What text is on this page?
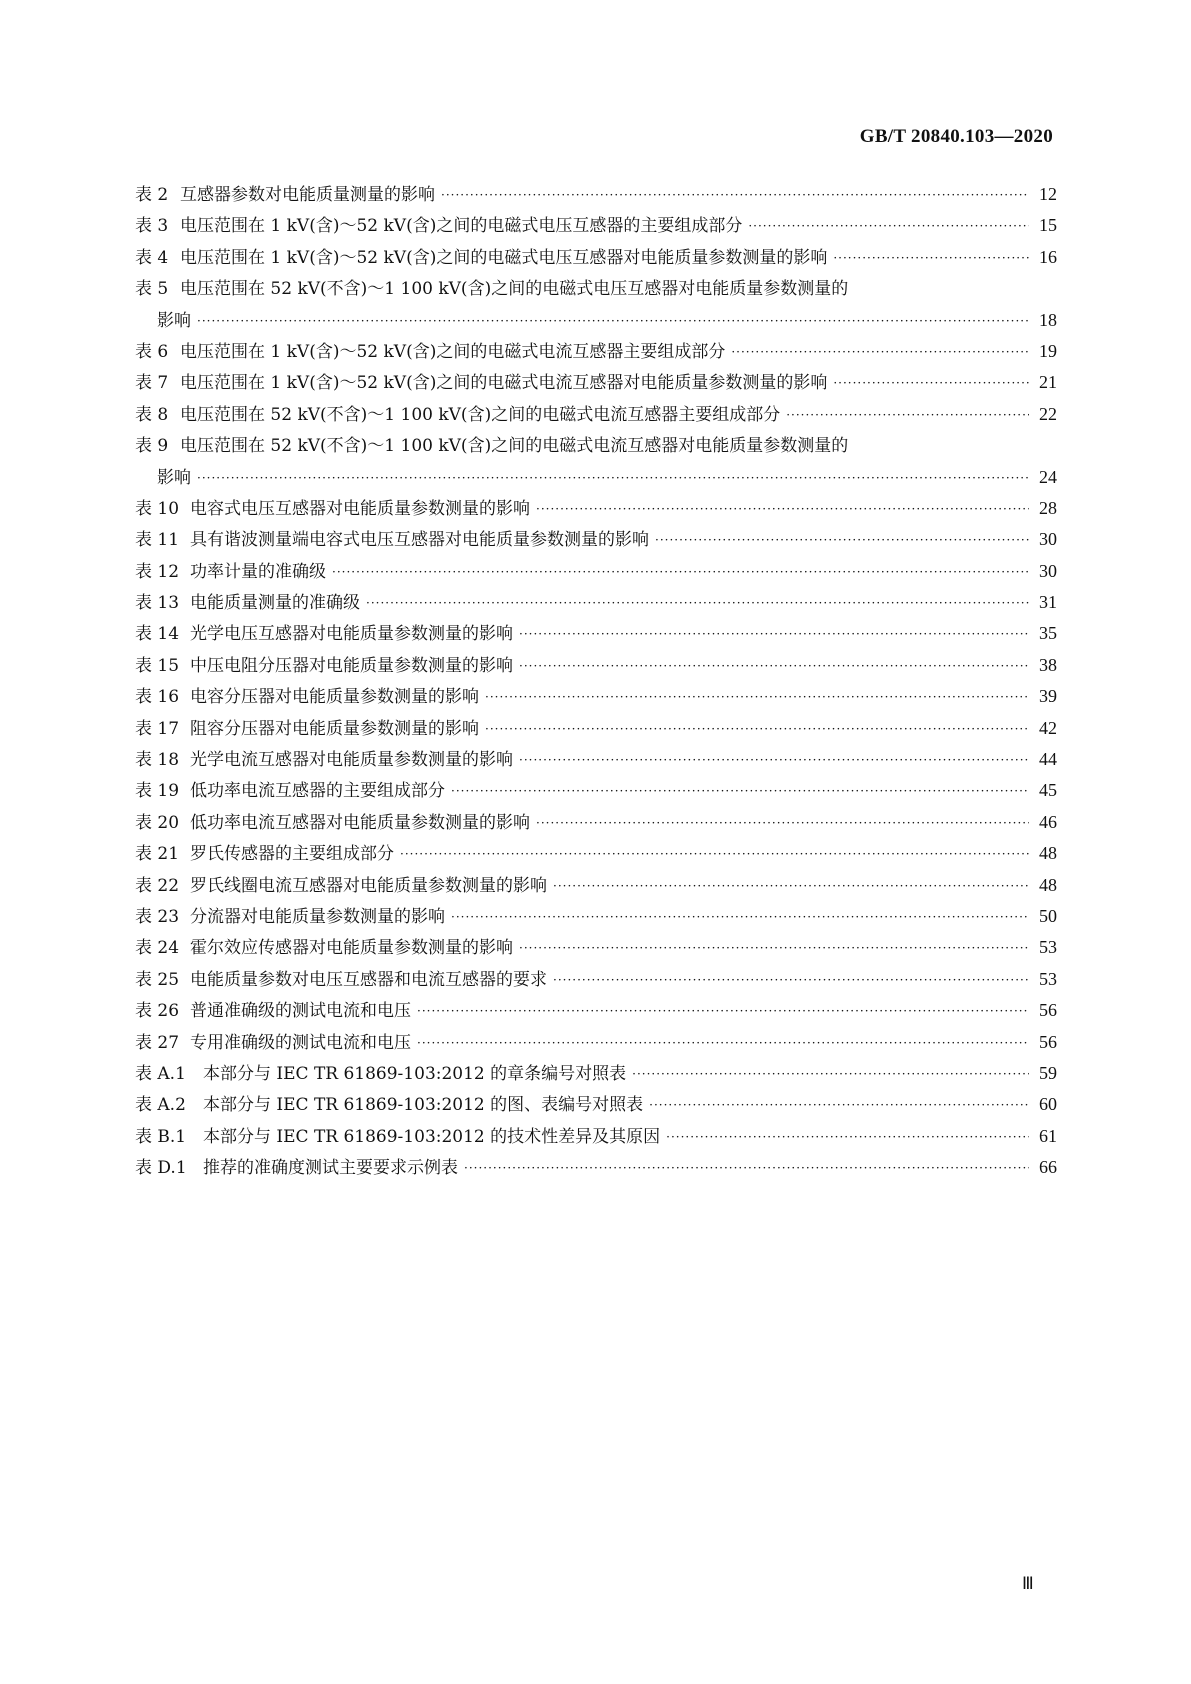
GB/T 20840.103—2020
表 2 互感器参数对电能质量测量的影响 ·····	12
表 3 电压范围在 1 kV(含)～52 kV(含)之间的电磁式电压互感器的主要组成部分 ·····	15
表 4 电压范围在 1 kV(含)～52 kV(含)之间的电磁式电压互感器对电能质量参数测量的影响 ·····	16
表 5 电压范围在 52 kV(不含)～1 100 kV(含)之间的电磁式电压互感器对电能质量参数测量的
影响 ·····	18
表 6 电压范围在 1 kV(含)～52 kV(含)之间的电磁式电流互感器主要组成部分 ·····	19
表 7 电压范围在 1 kV(含)～52 kV(含)之间的电磁式电流互感器对电能质量参数测量的影响 ·····	21
表 8 电压范围在 52 kV(不含)～1 100 kV(含)之间的电磁式电流互感器主要组成部分 ·····	22
表 9 电压范围在 52 kV(不含)～1 100 kV(含)之间的电磁式电流互感器对电能质量参数测量的
影响 ·····	24
表 10 电容式电压互感器对电能质量参数测量的影响 ·····	28
表 11 具有谐波测量端电容式电压互感器对电能质量参数测量的影响 ·····	30
表 12 功率计量的准确级 ·····	30
表 13 电能质量测量的准确级 ·····	31
表 14 光学电压互感器对电能质量参数测量的影响 ·····	35
表 15 中压电阻分压器对电能质量参数测量的影响 ·····	38
表 16 电容分压器对电能质量参数测量的影响 ·····	39
表 17 阻容分压器对电能质量参数测量的影响 ·····	42
表 18 光学电流互感器对电能质量参数测量的影响 ·····	44
表 19 低功率电流互感器的主要组成部分 ·····	45
表 20 低功率电流互感器对电能质量参数测量的影响 ·····	46
表 21 罗氏传感器的主要组成部分 ·····	48
表 22 罗氏线圈电流互感器对电能质量参数测量的影响 ·····	48
表 23 分流器对电能质量参数测量的影响 ·····	50
表 24 霍尔效应传感器对电能质量参数测量的影响 ·····	53
表 25 电能质量参数对电压互感器和电流互感器的要求 ·····	53
表 26 普通准确级的测试电流和电压 ·····	56
表 27 专用准确级的测试电流和电压 ·····	56
表 A.1	本部分与 IEC TR 61869-103:2012 的章条编号对照表 ·····	59
表 A.2	本部分与 IEC TR 61869-103:2012 的图、表编号对照表 ·····	60
表 B.1 本部分与 IEC TR 61869-103:2012 的技术性差异及其原因 ·····	61
表 D.1 推荐的准确度测试主要要求示例表 ·····	66
Ⅲ
